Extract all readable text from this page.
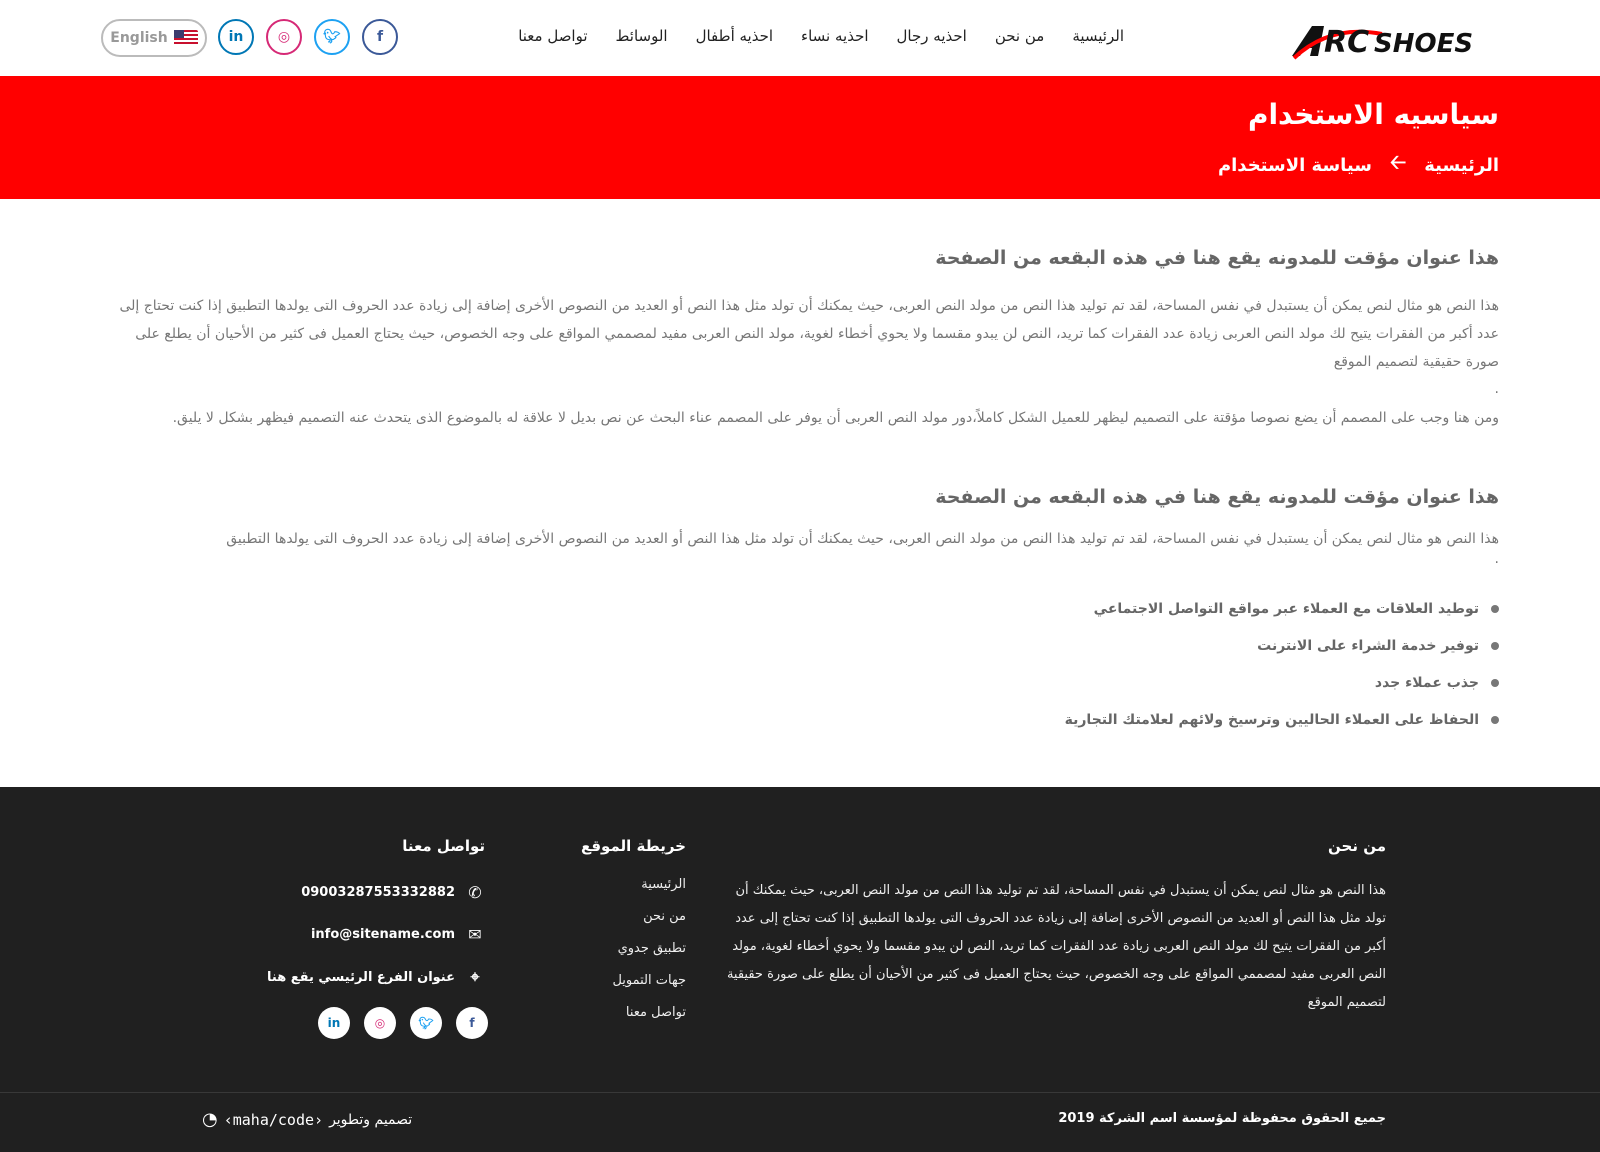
RC SHOES
الرئيسية
من نحن
احذيه رجال
احذيه نساء
احذيه أطفال
الوسائط
تواصل معنا
in	◎	🐦︎	f
English
سياسيه الاستخدام
الرئيسية
🡠
سياسة الاستخدام
هذا عنوان مؤقت للمدونه يقع هنا في هذه البقعه من الصفحة

هذا النص هو مثال لنص يمكن أن يستبدل في نفس المساحة، لقد تم توليد هذا النص من مولد النص العربى، حيث يمكنك أن تولد مثل هذا النص أو العديد من النصوص الأخرى إضافة إلى زيادة عدد الحروف التى يولدها التطبيق إذا كنت تحتاج إلى عدد أكبر من الفقرات يتيح لك مولد النص العربى زيادة عدد الفقرات كما تريد، النص لن يبدو مقسما ولا يحوي أخطاء لغوية، مولد النص العربى مفيد لمصممي المواقع على وجه الخصوص، حيث يحتاج العميل فى كثير من الأحيان أن يطلع على صورة حقيقية لتصميم الموقع

.

ومن هنا وجب على المصمم أن يضع نصوصا مؤقتة على التصميم ليظهر للعميل الشكل كاملاً،دور مولد النص العربى أن يوفر على المصمم عناء البحث عن نص بديل لا علاقة له بالموضوع الذى يتحدث عنه التصميم فيظهر بشكل لا يليق.

هذا عنوان مؤقت للمدونه يقع هنا في هذه البقعه من الصفحة

هذا النص هو مثال لنص يمكن أن يستبدل في نفس المساحة، لقد تم توليد هذا النص من مولد النص العربى، حيث يمكنك أن تولد مثل هذا النص أو العديد من النصوص الأخرى إضافة إلى زيادة عدد الحروف التى يولدها التطبيق

.
توطيد العلاقات مع العملاء عبر مواقع التواصل الاجتماعي
توفير خدمة الشراء على الانترنت
جذب عملاء جدد
الحفاظ على العملاء الحاليين وترسيخ ولائهم لعلامتك التجارية
من نحن

هذا النص هو مثال لنص يمكن أن يستبدل في نفس المساحة، لقد تم توليد هذا النص من مولد النص العربى، حيث يمكنك أن تولد مثل هذا النص أو العديد من النصوص الأخرى إضافة إلى زيادة عدد الحروف التى يولدها التطبيق إذا كنت تحتاج إلى عدد أكبر من الفقرات يتيح لك مولد النص العربى زيادة عدد الفقرات كما تريد، النص لن يبدو مقسما ولا يحوي أخطاء لغوية، مولد النص العربى مفيد لمصممي المواقع على وجه الخصوص، حيث يحتاج العميل فى كثير من الأحيان أن يطلع على صورة حقيقية لتصميم الموقع

خريطة الموقع
الرئيسية
من نحن
تطبيق جدوي
جهات التمويل
تواصل معنا
تواصل معنا
✆
09003287553332882
✉
info@sitename.com
⌖
عنوان الفرع الرئيسي يقع هنا
in	◎	🐦︎	f
جميع الحقوق محفوظة لمؤسسة اسم الشركة 2019
تصميم وتطوير
‹maha/code›
◔
